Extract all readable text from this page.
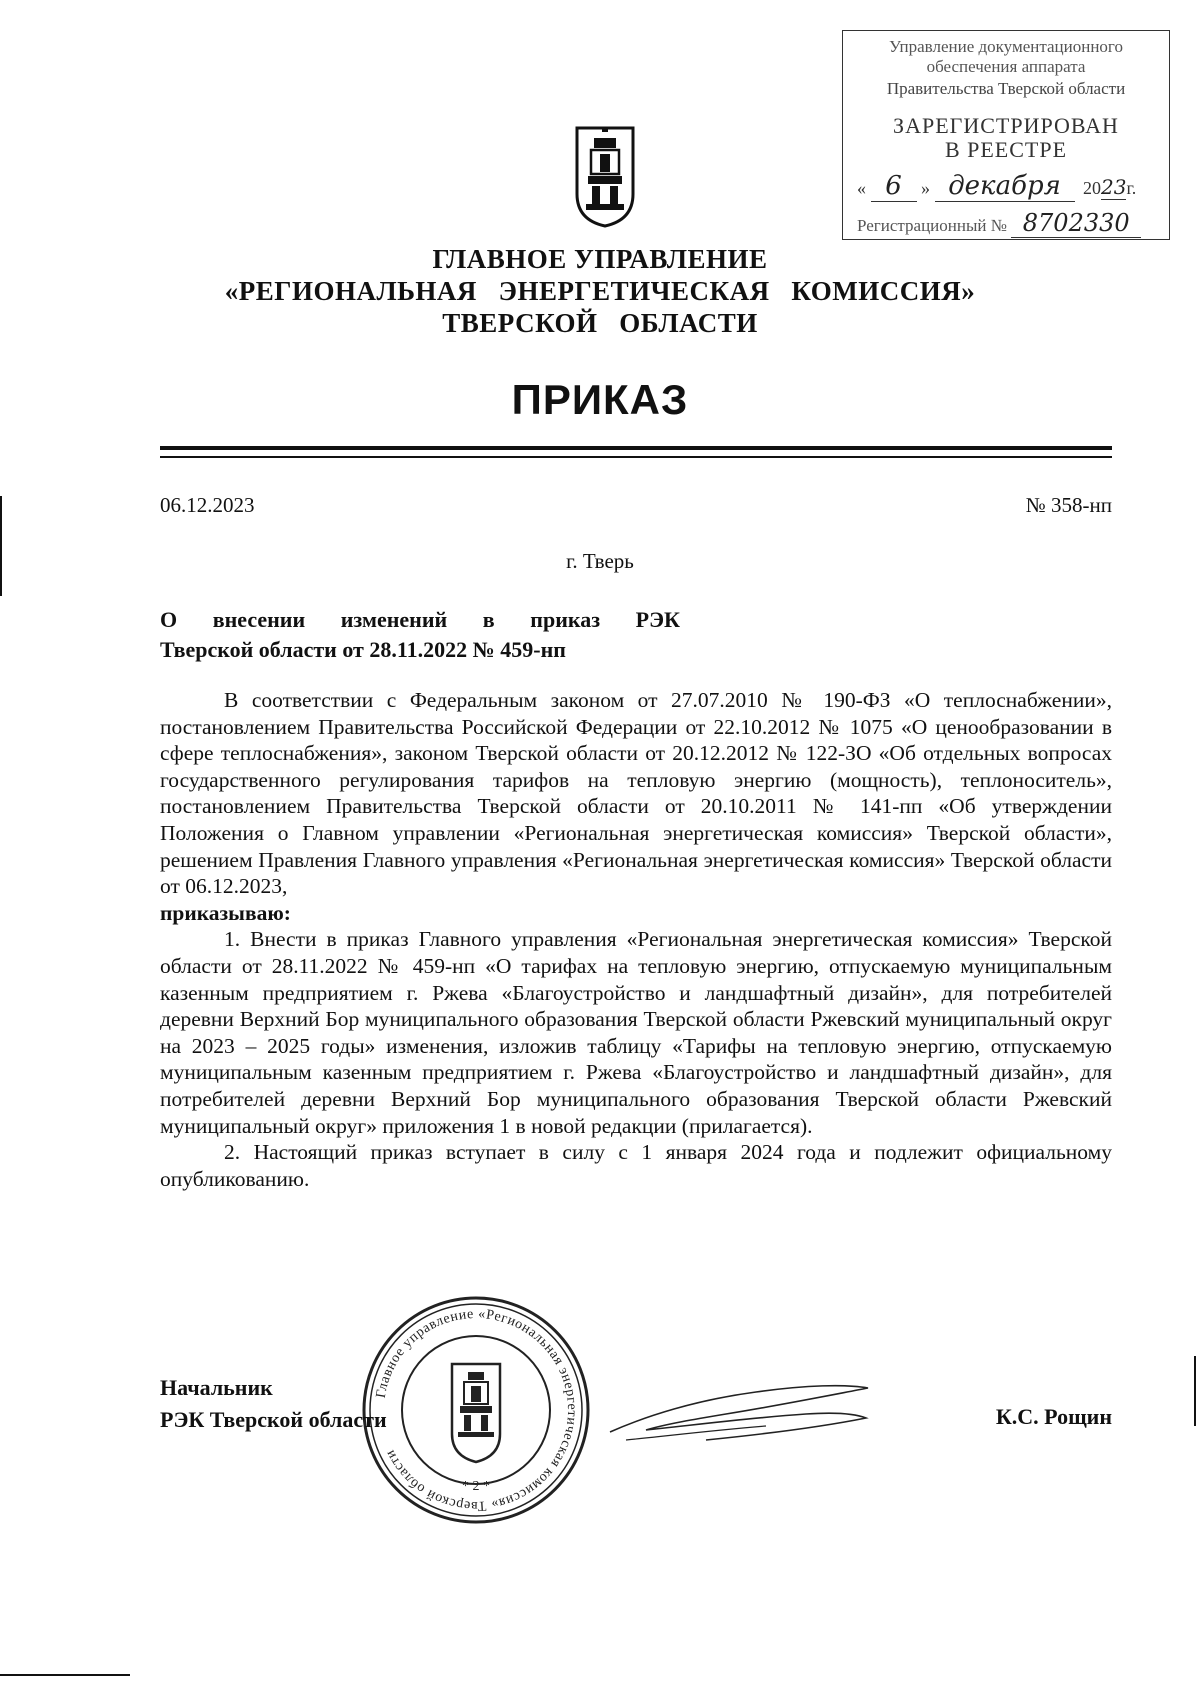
Управление документационного
обеспечения аппарата
Правительства Тверской области
ЗАРЕГИСТРИРОВАН
В РЕЕСТРЕ
« 6 » декабря 2023г.
Регистрационный № 8702330
ГЛАВНОЕ УПРАВЛЕНИЕ
«РЕГИОНАЛЬНАЯ   ЭНЕРГЕТИЧЕСКАЯ   КОМИССИЯ»
ТВЕРСКОЙ   ОБЛАСТИ
ПРИКАЗ
06.12.2023	№ 358-нп
г. Тверь
О внесении изменений в приказ РЭК
Тверской области от 28.11.2022 № 459-нп

В соответствии с Федеральным законом от 27.07.2010 № 190-ФЗ «О теплоснабжении», постановлением Правительства Российской Федерации от 22.10.2012 № 1075 «О ценообразовании в сфере теплоснабжения», законом Тверской области от 20.12.2012 № 122-ЗО «Об отдельных вопросах государственного регулирования тарифов на тепловую энергию (мощность), теплоноситель», постановлением Правительства Тверской области от 20.10.2011 № 141-пп «Об утверждении Положения о Главном управлении «Региональная энергетическая комиссия» Тверской области», решением Правления Главного управления «Региональная энергетическая комиссия» Тверской области от 06.12.2023,

приказываю:

1. Внести в приказ Главного управления «Региональная энергетическая комиссия» Тверской области от 28.11.2022 № 459-нп «О тарифах на тепловую энергию, отпускаемую муниципальным казенным предприятием г. Ржева «Благоустройство и ландшафтный дизайн», для потребителей деревни Верхний Бор муниципального образования Тверской области Ржевский муниципальный округ на 2023 – 2025 годы» изменения, изложив таблицу «Тарифы на тепловую энергию, отпускаемую муниципальным казенным предприятием г. Ржева «Благоустройство и ландшафтный дизайн», для потребителей деревни Верхний Бор муниципального образования Тверской области Ржевский муниципальный округ» приложения 1 в новой редакции (прилагается).

2. Настоящий приказ вступает в силу с 1 января 2024 года и подлежит официальному опубликованию.

Главное управление «Региональная энергетическая комиссия» Тверской области
* 2 *
Начальник
РЭК Тверской области	К.С. Рощин
